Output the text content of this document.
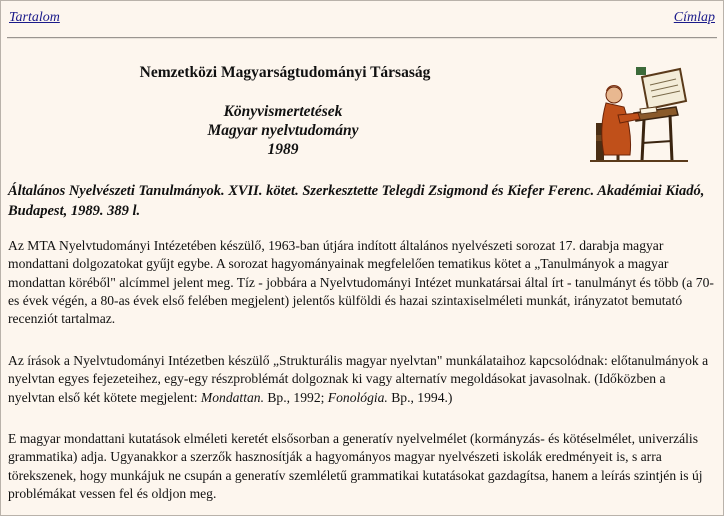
Tartalom	Címlap
Nemzetközi Magyarságtudományi Társaság
Könyvismertetések
Magyar nyelvtudomány
1989
Általános Nyelvészeti Tanulmányok. XVII. kötet. Szerkesztette Telegdi Zsigmond és Kiefer Ferenc. Akadémiai Kiadó, Budapest, 1989. 389 l.

Az MTA Nyelvtudományi Intézetében készülő, 1963-ban útjára indított általános nyelvészeti sorozat 17. darabja magyar mondattani dolgozatokat gyűjt egybe. A sorozat hagyományainak megfelelően tematikus kötet a „Tanulmányok a magyar mondattan köréből" alcímmel jelent meg. Tíz - jobbára a Nyelvtudományi Intézet munkatársai által írt - tanulmányt és több (a 70-es évek végén, a 80-as évek első felében megjelent) jelentős külföldi és hazai szintaxiselméleti munkát, irányzatot bemutató recenziót tartalmaz.

Az írások a Nyelvtudományi Intézetben készülő „Strukturális magyar nyelvtan" munkálataihoz kapcsolódnak: előtanulmányok a nyelvtan egyes fejezeteihez, egy-egy részproblémát dolgoznak ki vagy alternatív megoldásokat javasolnak. (Időközben a nyelvtan első két kötete megjelent: Mondattan. Bp., 1992; Fonológia. Bp., 1994.)

E magyar mondattani kutatások elméleti keretét elsősorban a generatív nyelvelmélet (kormányzás- és kötéselmélet, univerzális grammatika) adja. Ugyanakkor a szerzők hasznosítják a hagyományos magyar nyelvészeti iskolák eredményeit is, s arra törekszenek, hogy munkájuk ne csupán a generatív szemléletű grammatikai kutatásokat gazdagítsa, hanem a leírás szintjén is új problémákat vessen fel és oldjon meg.
